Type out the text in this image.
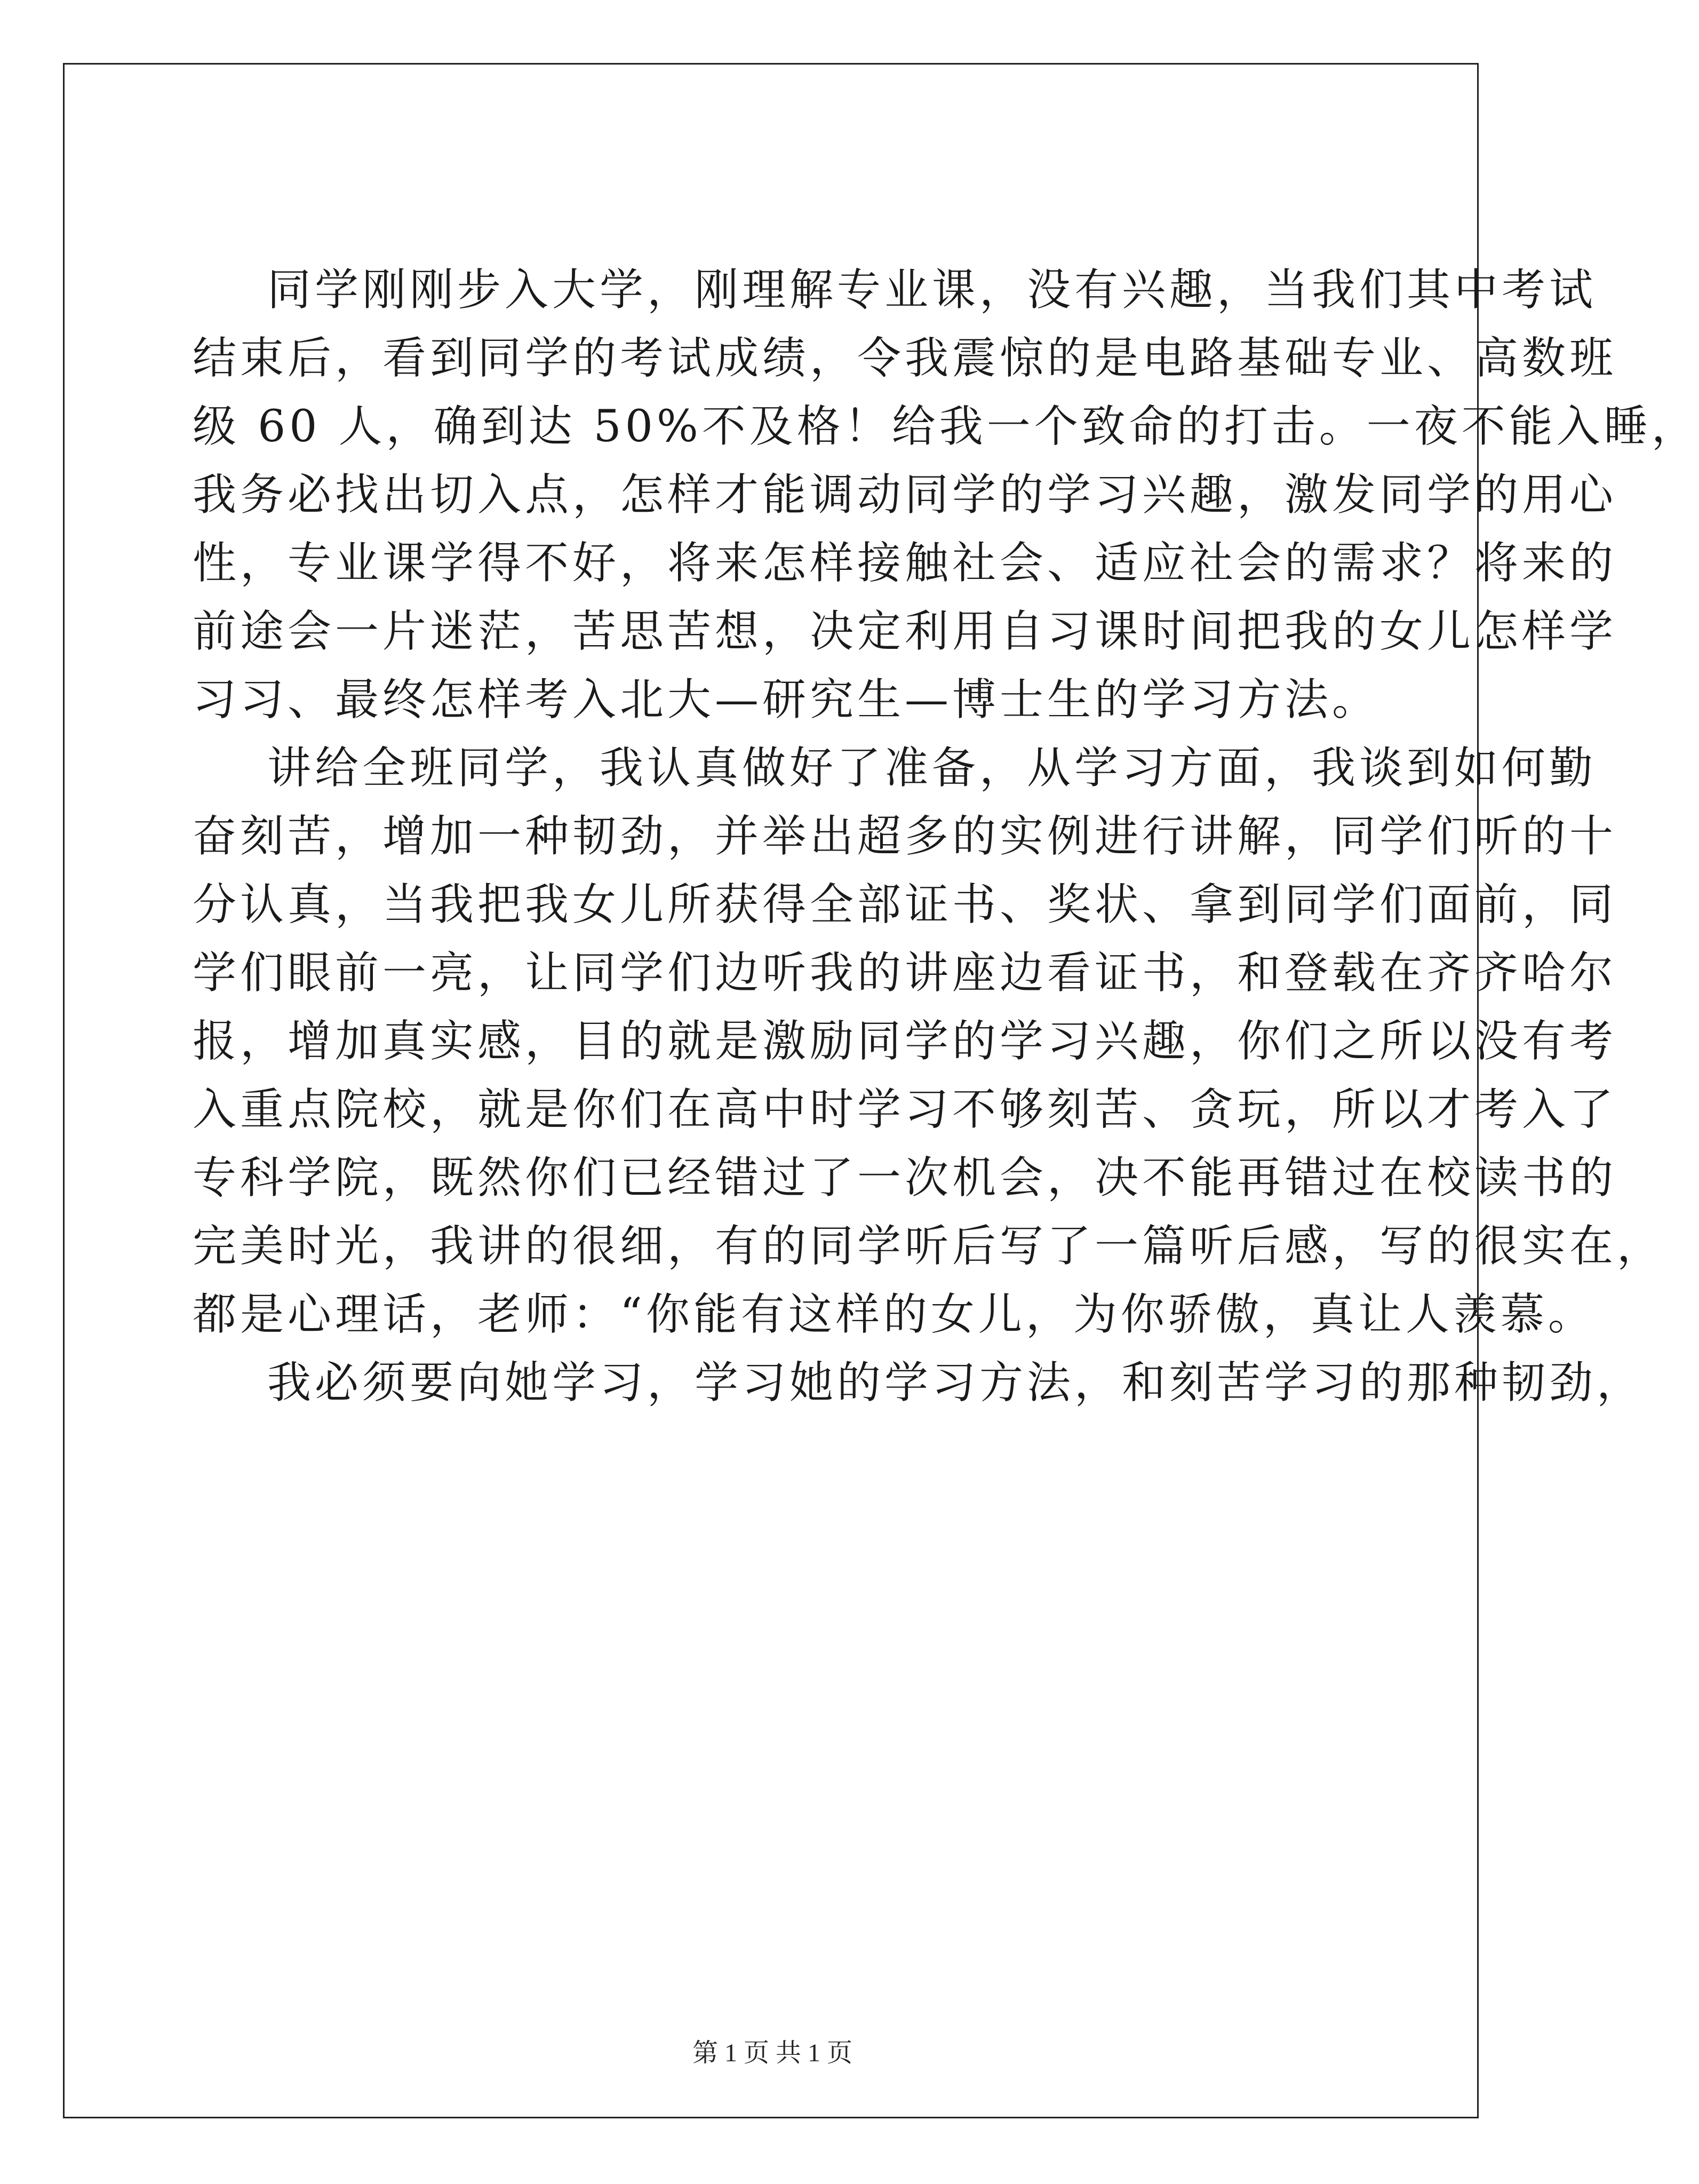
同学刚刚步入大学，刚理解专业课，没有兴趣，当我们其中考试
结束后，看到同学的考试成绩，令我震惊的是电路基础专业、高数班
级 60 人，确到达 50%不及格！给我一个致命的打击。一夜不能入睡，
我务必找出切入点，怎样才能调动同学的学习兴趣，激发同学的用心
性，专业课学得不好，将来怎样接触社会、适应社会的需求？将来的
前途会一片迷茫，苦思苦想，决定利用自习课时间把我的女儿怎样学
习习、最终怎样考入北大—研究生—博士生的学习方法。
讲给全班同学，我认真做好了准备，从学习方面，我谈到如何勤
奋刻苦，增加一种韧劲，并举出超多的实例进行讲解，同学们听的十
分认真，当我把我女儿所获得全部证书、奖状、拿到同学们面前，同
学们眼前一亮，让同学们边听我的讲座边看证书，和登载在齐齐哈尔
报，增加真实感，目的就是激励同学的学习兴趣，你们之所以没有考
入重点院校，就是你们在高中时学习不够刻苦、贪玩，所以才考入了
专科学院，既然你们已经错过了一次机会，决不能再错过在校读书的
完美时光，我讲的很细，有的同学听后写了一篇听后感，写的很实在，
都是心理话，老师：“你能有这样的女儿，为你骄傲，真让人羡慕。
我必须要向她学习，学习她的学习方法，和刻苦学习的那种韧劲，
第 1 页 共 1 页
